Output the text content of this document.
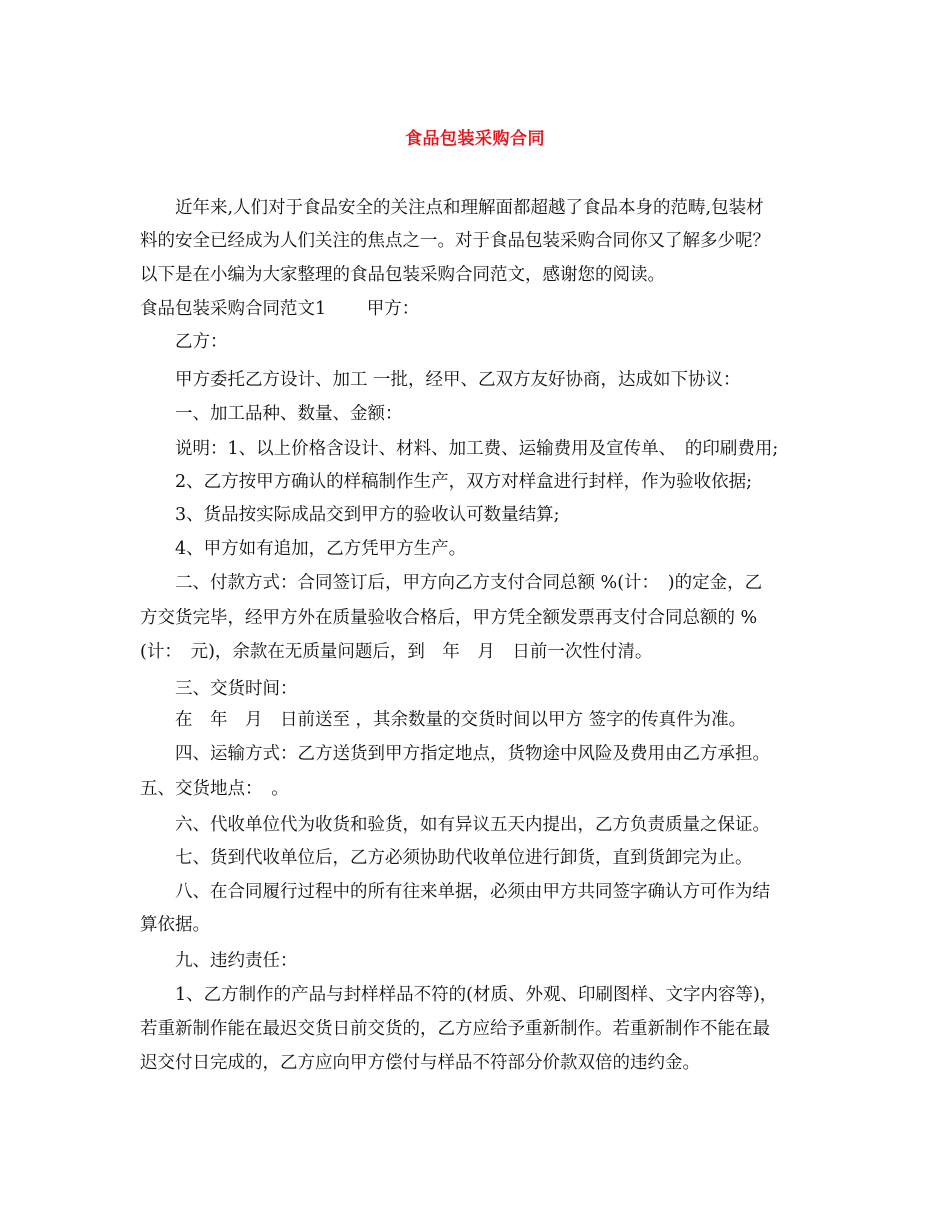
食品包装采购合同
　　近年来,人们对于食品安全的关注点和理解面都超越了食品本身的范畴,包装材
料的安全已经成为人们关注的焦点之一。对于食品包装采购合同你又了解多少呢？
以下是在小编为大家整理的食品包装采购合同范文，感谢您的阅读。
食品包装采购合同范文1　　 甲方：
　　乙方：
　　甲方委托乙方设计、加工 一批，经甲、乙双方友好协商，达成如下协议：
　　一、加工品种、数量、金额：
　　说明：1、以上价格含设计、材料、加工费、运输费用及宣传单、　的印刷费用;
　　2、乙方按甲方确认的样稿制作生产，双方对样盒进行封样，作为验收依据;
　　3、货品按实际成品交到甲方的验收认可数量结算;
　　4、甲方如有追加，乙方凭甲方生产。
　　二、付款方式：合同签订后，甲方向乙方支付合同总额 %(计：　)的定金，乙
方交货完毕，经甲方外在质量验收合格后，甲方凭全额发票再支付合同总额的 %
(计：　元)，余款在无质量问题后，到　年　月　日前一次性付清。
　　三、交货时间：
　　在　年　月　日前送至 ，其余数量的交货时间以甲方 签字的传真件为准。
　　四、运输方式：乙方送货到甲方指定地点，货物途中风险及费用由乙方承担。
五、交货地点：　。
　　六、代收单位代为收货和验货，如有异议五天内提出，乙方负责质量之保证。
　　七、货到代收单位后，乙方必须协助代收单位进行卸货，直到货卸完为止。
　　八、在合同履行过程中的所有往来单据，必须由甲方共同签字确认方可作为结
算依据。
　　九、违约责任：
　　1、乙方制作的产品与封样样品不符的(材质、外观、印刷图样、文字内容等)，
若重新制作能在最迟交货日前交货的，乙方应给予重新制作。若重新制作不能在最
迟交付日完成的，乙方应向甲方偿付与样品不符部分价款双倍的违约金。
